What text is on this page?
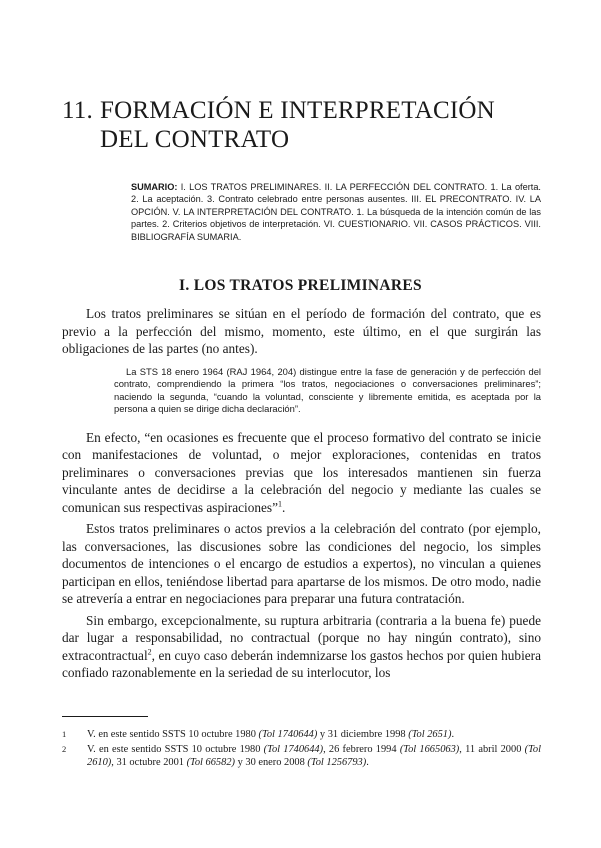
11. FORMACIÓN E INTERPRETACIÓN
DEL CONTRATO

SUMARIO: I. LOS TRATOS PRELIMINARES. II. LA PERFECCIÓN DEL CONTRATO. 1. La oferta. 2. La aceptación. 3. Contrato celebrado entre personas ausentes. III. EL PRECONTRATO. IV. LA OPCIÓN. V. LA INTERPRETACIÓN DEL CONTRATO. 1. La búsqueda de la intención común de las partes. 2. Criterios objetivos de interpretación. VI. CUESTIONARIO. VII. CASOS PRÁCTICOS. VIII. BIBLIOGRAFÍA SUMARIA.

I. LOS TRATOS PRELIMINARES

Los tratos preliminares se sitúan en el período de formación del contrato, que es previo a la perfección del mismo, momento, este último, en el que surgirán las obligaciones de las partes (no antes).

La STS 18 enero 1964 (RAJ 1964, 204) distingue entre la fase de generación y de perfección del contrato, comprendiendo la primera “los tratos, negociaciones o conversaciones preliminares”; naciendo la segunda, “cuando la voluntad, consciente y libremente emitida, es aceptada por la persona a quien se dirige dicha declaración”.

En efecto, “en ocasiones es frecuente que el proceso formativo del contrato se inicie con manifestaciones de voluntad, o mejor exploraciones, contenidas en tratos preliminares o conversaciones previas que los interesados mantienen sin fuerza vinculante antes de decidirse a la celebración del negocio y mediante las cuales se comunican sus respectivas aspiraciones”$^1$.

Estos tratos preliminares o actos previos a la celebración del contrato (por ejemplo, las conversaciones, las discusiones sobre las condiciones del negocio, los simples documentos de intenciones o el encargo de estudios a expertos), no vinculan a quienes participan en ellos, teniéndose libertad para apartarse de los mismos. De otro modo, nadie se atrevería a entrar en negociaciones para preparar una futura contratación.

Sin embargo, excepcionalmente, su ruptura arbitraria (contraria a la buena fe) puede dar lugar a responsabilidad, no contractual (porque no hay ningún contrato), sino extracontractual$^2$, en cuyo caso deberán indemnizarse los gastos hechos por quien hubiera confiado razonablemente en la seriedad de su interlocutor, los

1	V. en este sentido SSTS 10 octubre 1980 (Tol 1740644) y 31 diciembre 1998 (Tol 2651).
2	V. en este sentido SSTS 10 octubre 1980 (Tol 1740644), 26 febrero 1994 (Tol 1665063), 11 abril 2000 (Tol 2610), 31 octubre 2001 (Tol 66582) y 30 enero 2008 (Tol 1256793).
